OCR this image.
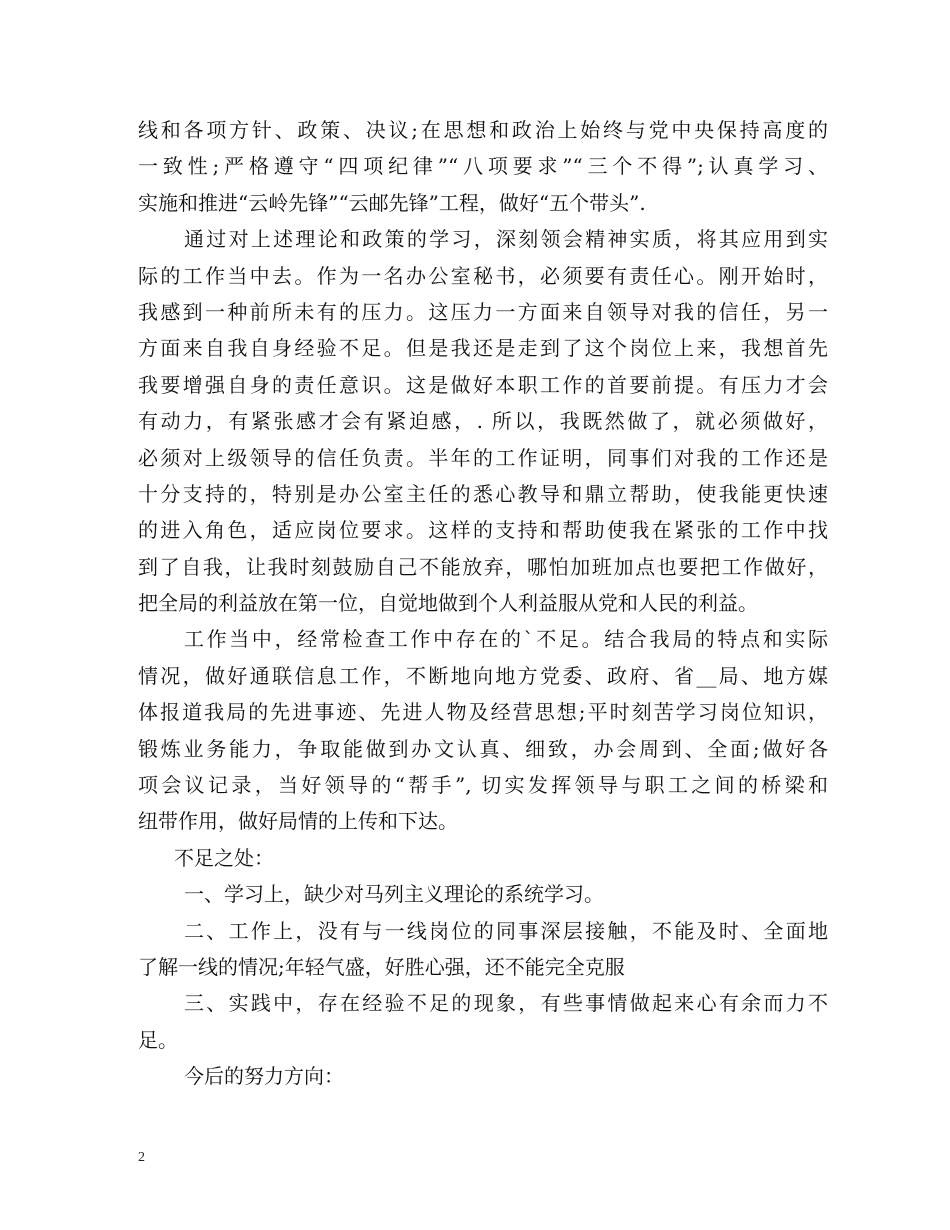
线和各项方针、政策、决议;在思想和政治上始终与党中央保持高度的
一致性;严格遵守“四项纪律”“八项要求”“三个不得”;认真学习、
实施和推进“云岭先锋”“云邮先锋”工程，做好“五个带头”.
通过对上述理论和政策的学习，深刻领会精神实质，将其应用到实
际的工作当中去。作为一名办公室秘书，必须要有责任心。刚开始时，
我感到一种前所未有的压力。这压力一方面来自领导对我的信任，另一
方面来自我自身经验不足。但是我还是走到了这个岗位上来，我想首先
我要增强自身的责任意识。这是做好本职工作的首要前提。有压力才会
有动力，有紧张感才会有紧迫感，. 所以，我既然做了，就必须做好，
必须对上级领导的信任负责。半年的工作证明，同事们对我的工作还是
十分支持的，特别是办公室主任的悉心教导和鼎立帮助，使我能更快速
的进入角色，适应岗位要求。这样的支持和帮助使我在紧张的工作中找
到了自我，让我时刻鼓励自己不能放弃，哪怕加班加点也要把工作做好，
把全局的利益放在第一位，自觉地做到个人利益服从党和人民的利益。
工作当中，经常检查工作中存在的`不足。结合我局的特点和实际
情况，做好通联信息工作，不断地向地方党委、政府、省__局、地方媒
体报道我局的先进事迹、先进人物及经营思想;平时刻苦学习岗位知识，
锻炼业务能力，争取能做到办文认真、细致，办会周到、全面;做好各
项会议记录，当好领导的“帮手”, 切实发挥领导与职工之间的桥梁和
纽带作用，做好局情的上传和下达。
不足之处：
一、学习上，缺少对马列主义理论的系统学习。
二、工作上，没有与一线岗位的同事深层接触，不能及时、全面地
了解一线的情况;年轻气盛，好胜心强，还不能完全克服
三、实践中，存在经验不足的现象，有些事情做起来心有余而力不
足。
今后的努力方向：
2
